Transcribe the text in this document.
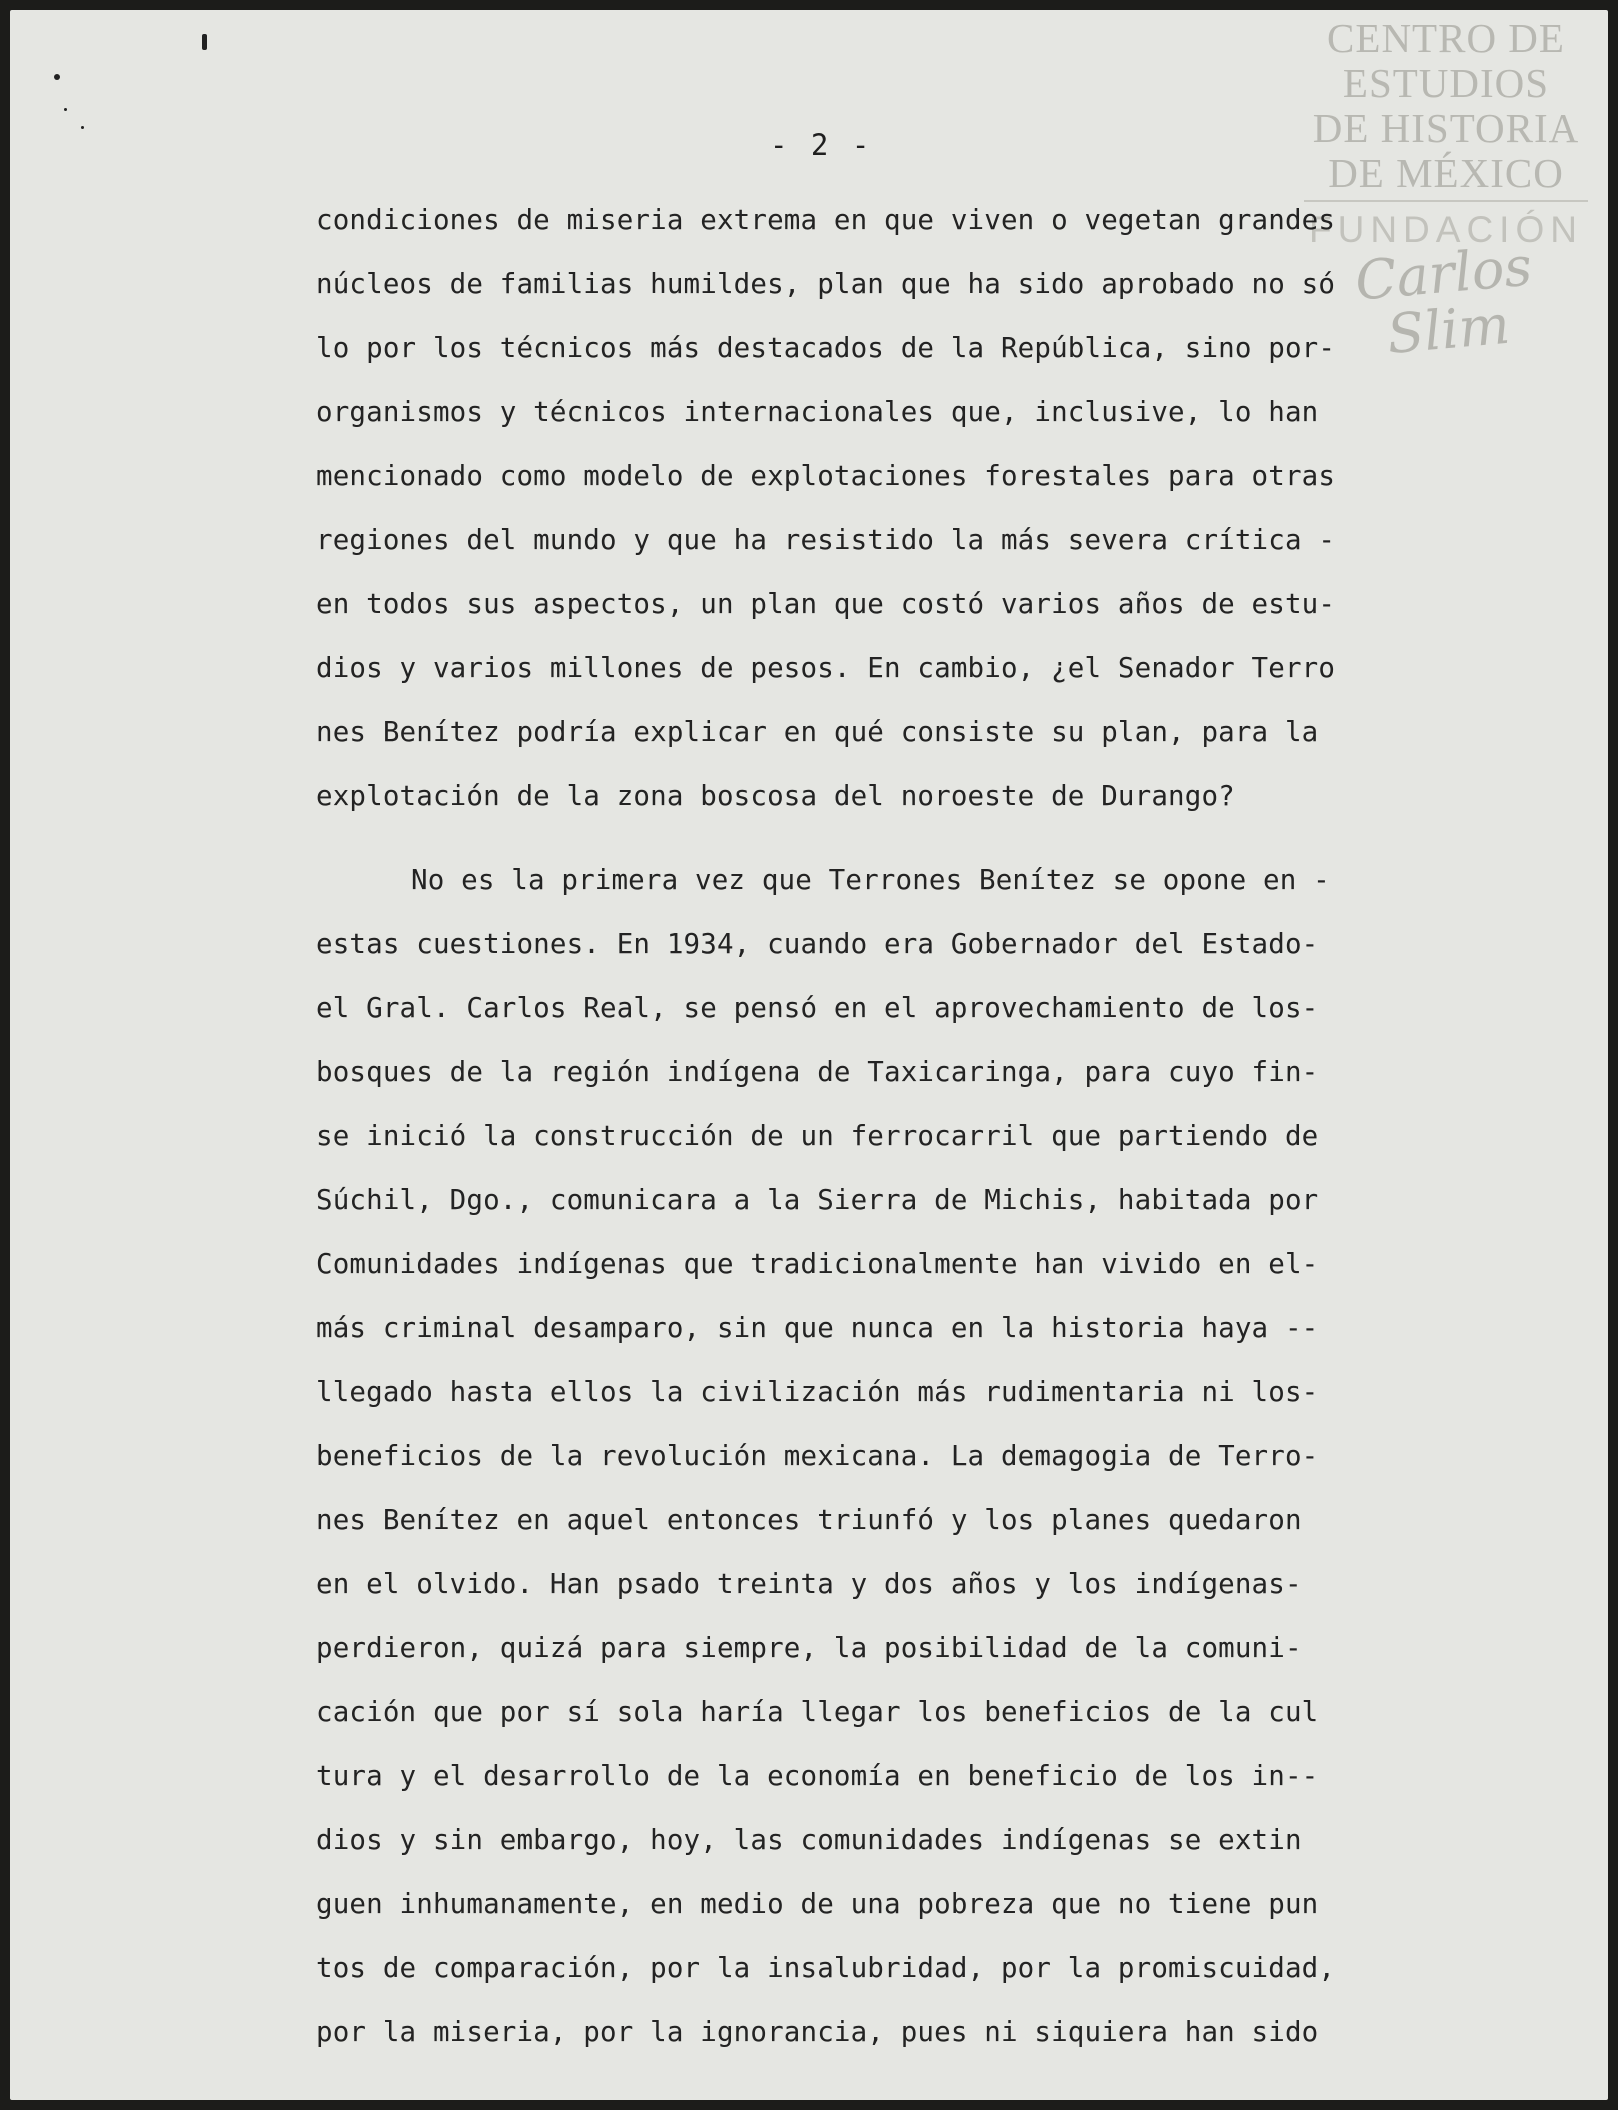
CENTRO DE
ESTUDIOS
DE HISTORIA
DE MÉXICO
FUNDACIÓN
Carlos Slim
- 2 -
condiciones de miseria extrema en que viven o vegetan grandes
núcleos de familias humildes, plan que ha sido aprobado no só
lo por los técnicos más destacados de la República, sino por-
organismos y técnicos internacionales que, inclusive, lo han
mencionado como modelo de explotaciones forestales para otras
regiones del mundo y que ha resistido la más severa crítica -
en todos sus aspectos, un plan que costó varios años de estu-
dios y varios millones de pesos. En cambio, ¿el Senador Terro
nes Benítez podría explicar en qué consiste su plan, para la
explotación de la zona boscosa del noroeste de Durango?
No es la primera vez que Terrones Benítez se opone en -
estas cuestiones. En 1934, cuando era Gobernador del Estado-
el Gral. Carlos Real, se pensó en el aprovechamiento de los-
bosques de la región indígena de Taxicaringa, para cuyo fin-
se inició la construcción de un ferrocarril que partiendo de
Súchil, Dgo., comunicara a la Sierra de Michis, habitada por
Comunidades indígenas que tradicionalmente han vivido en el-
más criminal desamparo, sin que nunca en la historia haya --
llegado hasta ellos la civilización más rudimentaria ni los-
beneficios de la revolución mexicana. La demagogia de Terro-
nes Benítez en aquel entonces triunfó y los planes quedaron
en el olvido. Han psado treinta y dos años y los indígenas-
perdieron, quizá para siempre, la posibilidad de la comuni-
cación que por sí sola haría llegar los beneficios de la cul
tura y el desarrollo de la economía en beneficio de los in--
dios y sin embargo, hoy, las comunidades indígenas se extin
guen inhumanamente, en medio de una pobreza que no tiene pun
tos de comparación, por la insalubridad, por la promiscuidad,
por la miseria, por la ignorancia, pues ni siquiera han sido
